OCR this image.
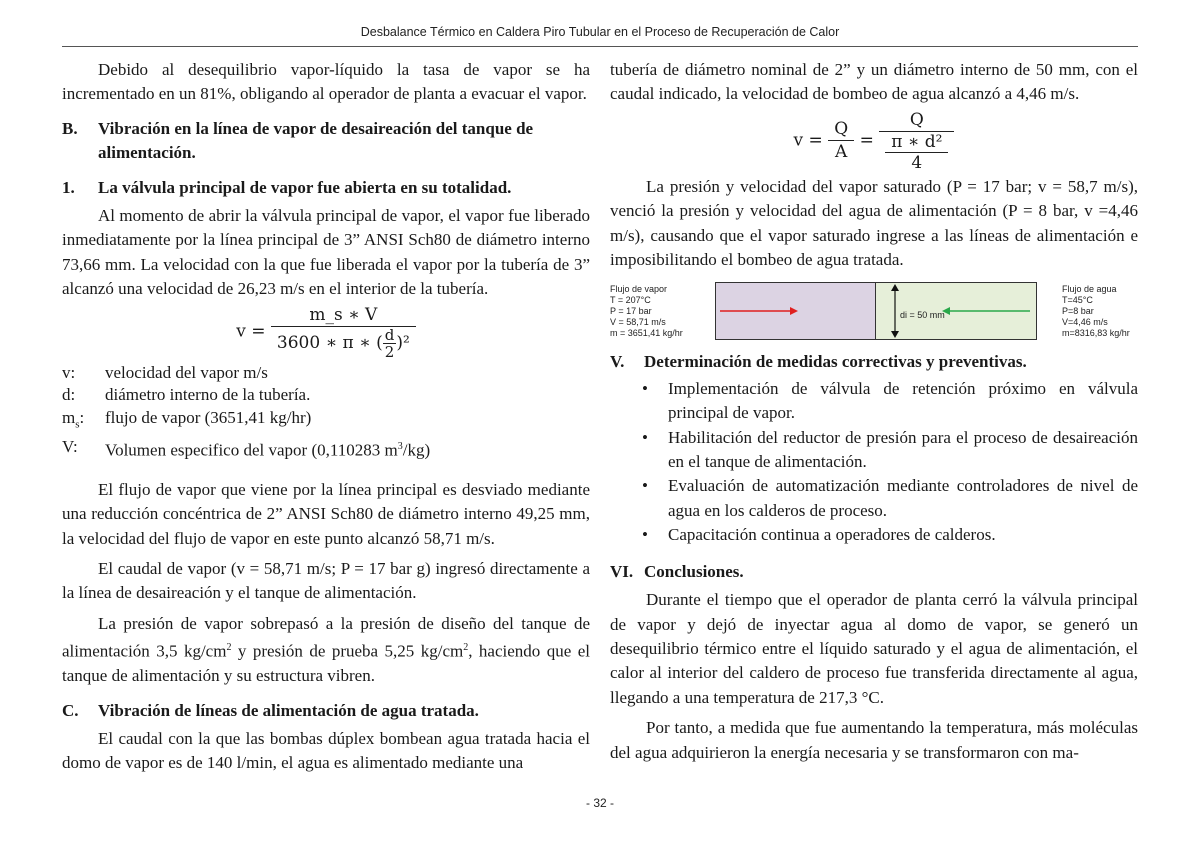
Desbalance Térmico en Caldera Piro Tubular en el Proceso de Recuperación de Calor

Debido al desequilibrio vapor-líquido la tasa de vapor se ha incrementado en un 81%, obligando al operador de planta a evacuar el vapor.

B.	Vibración en la línea de vapor de desaireación del tanque de alimentación.
1.	La válvula principal de vapor fue abierta en su totalidad.

Al momento de abrir la válvula principal de vapor, el vapor fue liberado inmediatamente por la línea principal de 3” ANSI Sch80 de diámetro interno 73,66 mm. La velocidad con la que fue liberada el vapor por la tubería de 3” alcanzó una velocidad de 26,23 m/s en el interior de la tubería.

$v = \frac{m\_s ∗ V}{3600 ∗ \pi ∗ ( \frac{d}{2} )^2}$
v:	velocidad del vapor m/s
d:	diámetro interno de la tubería.
$m_s$:	flujo de vapor (3651,41 kg/hr)
V:	Volumen especifico del vapor (0,110283 $m^3/kg$)

El flujo de vapor que viene por la línea principal es desviado mediante una reducción concéntrica de 2” ANSI Sch80 de diámetro interno 49,25 mm, la velocidad del flujo de vapor en este punto alcanzó 58,71 m/s.

El caudal de vapor (v = 58,71 m/s; P = 17 bar g) ingresó directamente a la línea de desaireación y el tanque de alimentación.

La presión de vapor sobrepasó a la presión de diseño del tanque de alimentación 3,5 $kg/cm^2$ y presión de prueba 5,25 $kg/cm^2$, haciendo que el tanque de alimentación y su estructura vibren.

C.	Vibración de líneas de alimentación de agua tratada.

El caudal con la que las bombas dúplex bombean agua tratada hacia el domo de vapor es de 140 l/min, el agua es alimentado mediante una

tubería de diámetro nominal de 2” y un diámetro interno de 50 mm, con el caudal indicado, la velocidad de bombeo de agua alcanzó a 4,46 m/s.

$v = \frac{Q}{A} = \frac{Q}{\frac{\text{π ∗ d²}}{4}}$

La presión y velocidad del vapor saturado (P = 17 bar; v = 58,7 m/s), venció la presión y velocidad del agua de alimentación (P = 8 bar, v =4,46 m/s), causando que el vapor saturado ingrese a las líneas de alimentación e imposibilitando el bombeo de agua tratada.

Flujo de vapor
T = 207°C
P = 17 bar
V = 58,71 m/s
m = 3651,41 kg/hr
di = 50 mm
Flujo de agua
T=45°C
P=8 bar
V=4,46 m/s
m=8316,83 kg/hr
V.	Determinación de medidas correctivas y preventivas.
•	Implementación de válvula de retención próximo en válvula principal de vapor.
•	Habilitación del reductor de presión para el proceso de desaireación en el tanque de alimentación.
•	Evaluación de automatización mediante controladores de nivel de agua en los calderos de proceso.
•	Capacitación continua a operadores de calderos.
VI. Conclusiones.

Durante el tiempo que el operador de planta cerró la válvula principal de vapor y dejó de inyectar agua al domo de vapor, se generó un desequilibrio térmico entre el líquido saturado y el agua de alimentación, el calor al interior del caldero de proceso fue transferida directamente al agua, llegando a una temperatura de 217,3 °C.

Por tanto, a medida que fue aumentando la temperatura, más moléculas del agua adquirieron la energía necesaria y se transformaron con ma-

- 32 -
